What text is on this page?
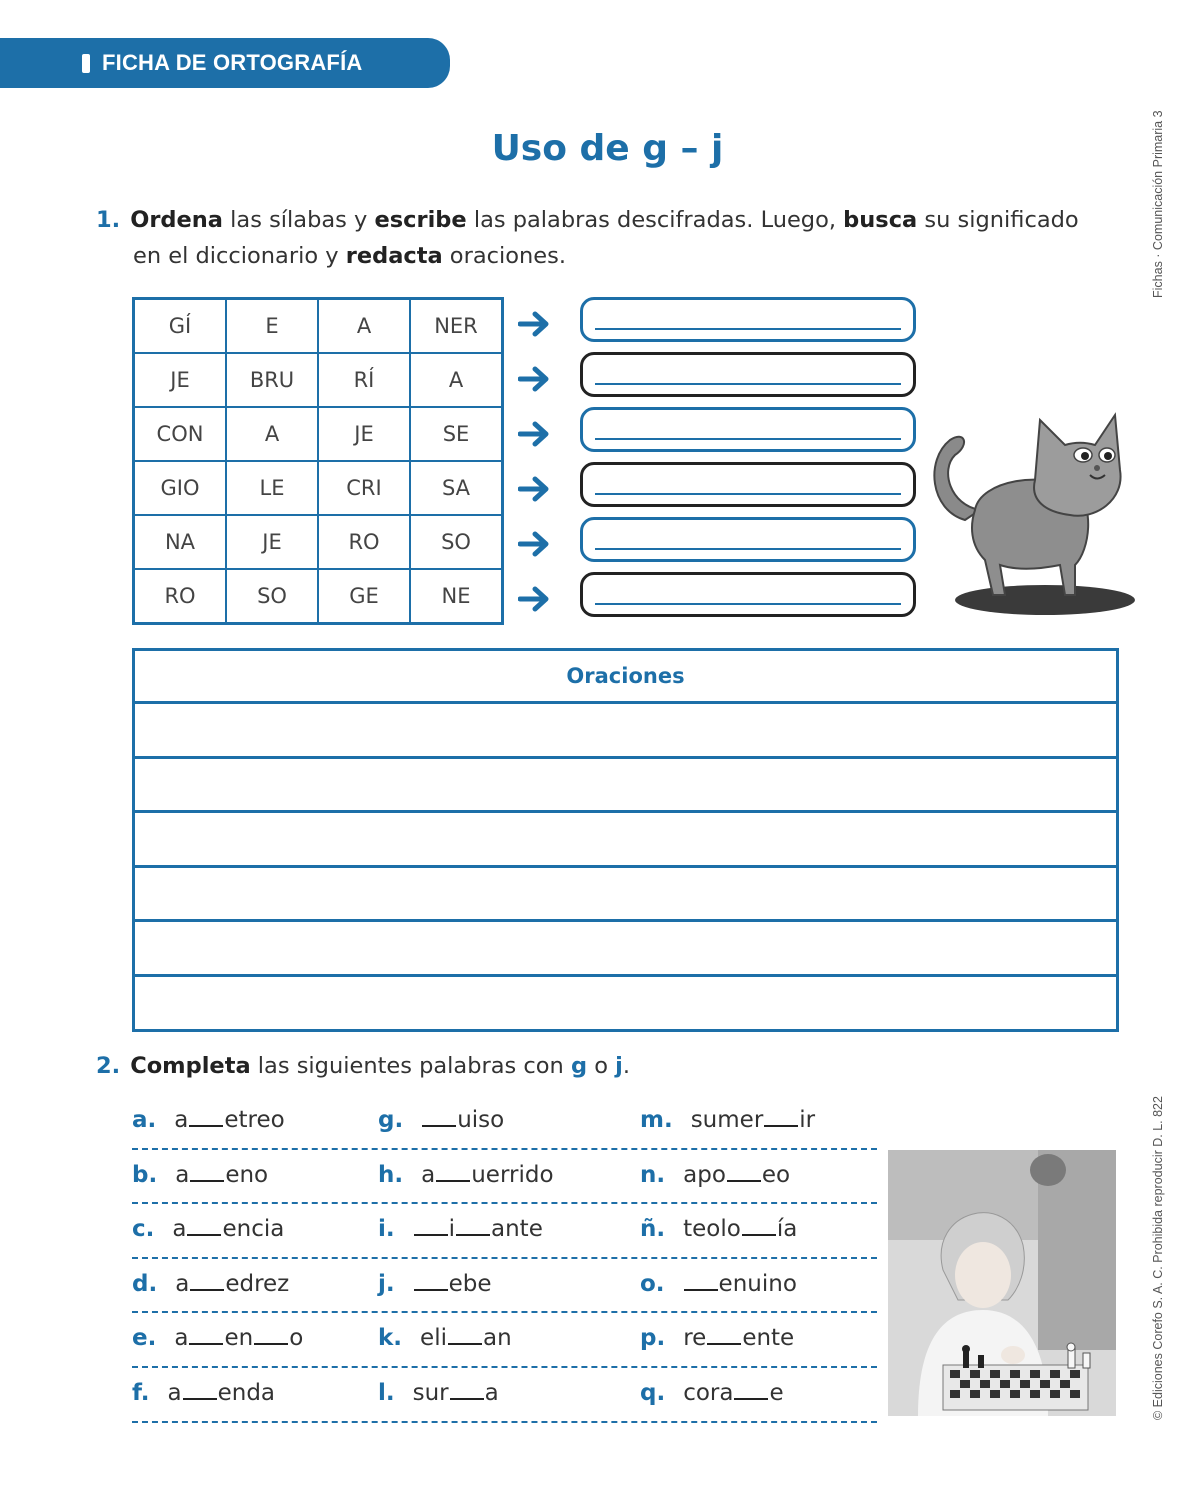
FICHA DE ORTOGRAFÍA
Fichas · Comunicación Primaria 3
© Ediciones Corefo S. A. C. Prohibida reproducir D. L. 822
Uso de g – j
1. Ordena las sílabas y escribe las palabras descifradas. Luego, busca su significado
en el diccionario y redacta oraciones.
GÍ	E	A	NER
JE	BRU	RÍ	A
CON	A	JE	SE
GIO	LE	CRI	SA
NA	JE	RO	SO
RO	SO	GE	NE
Oraciones
2. Completa las siguientes palabras con g o j.
a. a etreo	g. uiso	m. sumer ir
b. a eno	h. a uerrido	n. apo eo
c. a encia	i. i ante	ñ. teolo ía
d. a edrez	j. ebe	o. enuino
e. a en o	k. eli an	p. re ente
f. a enda	l. sur a	q. cora e
